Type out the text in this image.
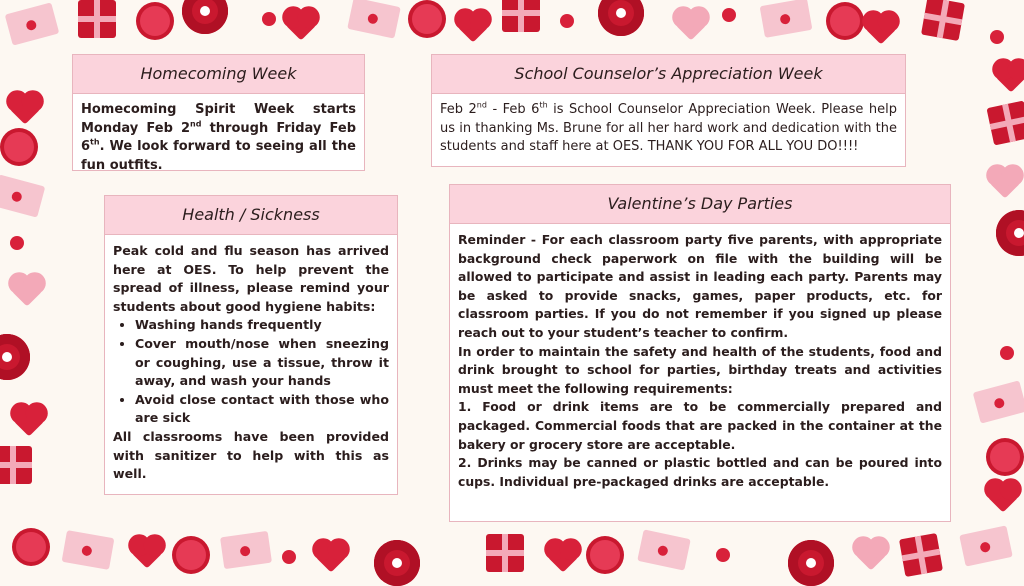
Homecoming Week

Homecoming Spirit Week starts Monday Feb 2nd through Friday Feb 6th. We look forward to seeing all the fun outfits.

School Counselor’s Appreciation Week

Feb 2nd - Feb 6th is School Counselor Appreciation Week. Please help us in thanking Ms. Brune for all her hard work and dedication with the students and staff here at OES. THANK YOU FOR ALL YOU DO!!!!

Health / Sickness

Peak cold and flu season has arrived here at OES. To help prevent the spread of illness, please remind your students about good hygiene habits:

• Washing hands frequently
• Cover mouth/nose when sneezing or coughing, use a tissue, throw it away, and wash your hands
• Avoid close contact with those who are sick

All classrooms have been provided with sanitizer to help with this as well.

Valentine’s Day Parties

Reminder - For each classroom party five parents, with appropriate background check paperwork on file with the building will be allowed to participate and assist in leading each party. Parents may be asked to provide snacks, games, paper products, etc. for classroom parties. If you do not remember if you signed up please reach out to your student’s teacher to confirm.

In order to maintain the safety and health of the students, food and drink brought to school for parties, birthday treats and activities must meet the following requirements:

1. Food or drink items are to be commercially prepared and packaged. Commercial foods that are packed in the container at the bakery or grocery store are acceptable.

2. Drinks may be canned or plastic bottled and can be poured into cups. Individual pre-packaged drinks are acceptable.
